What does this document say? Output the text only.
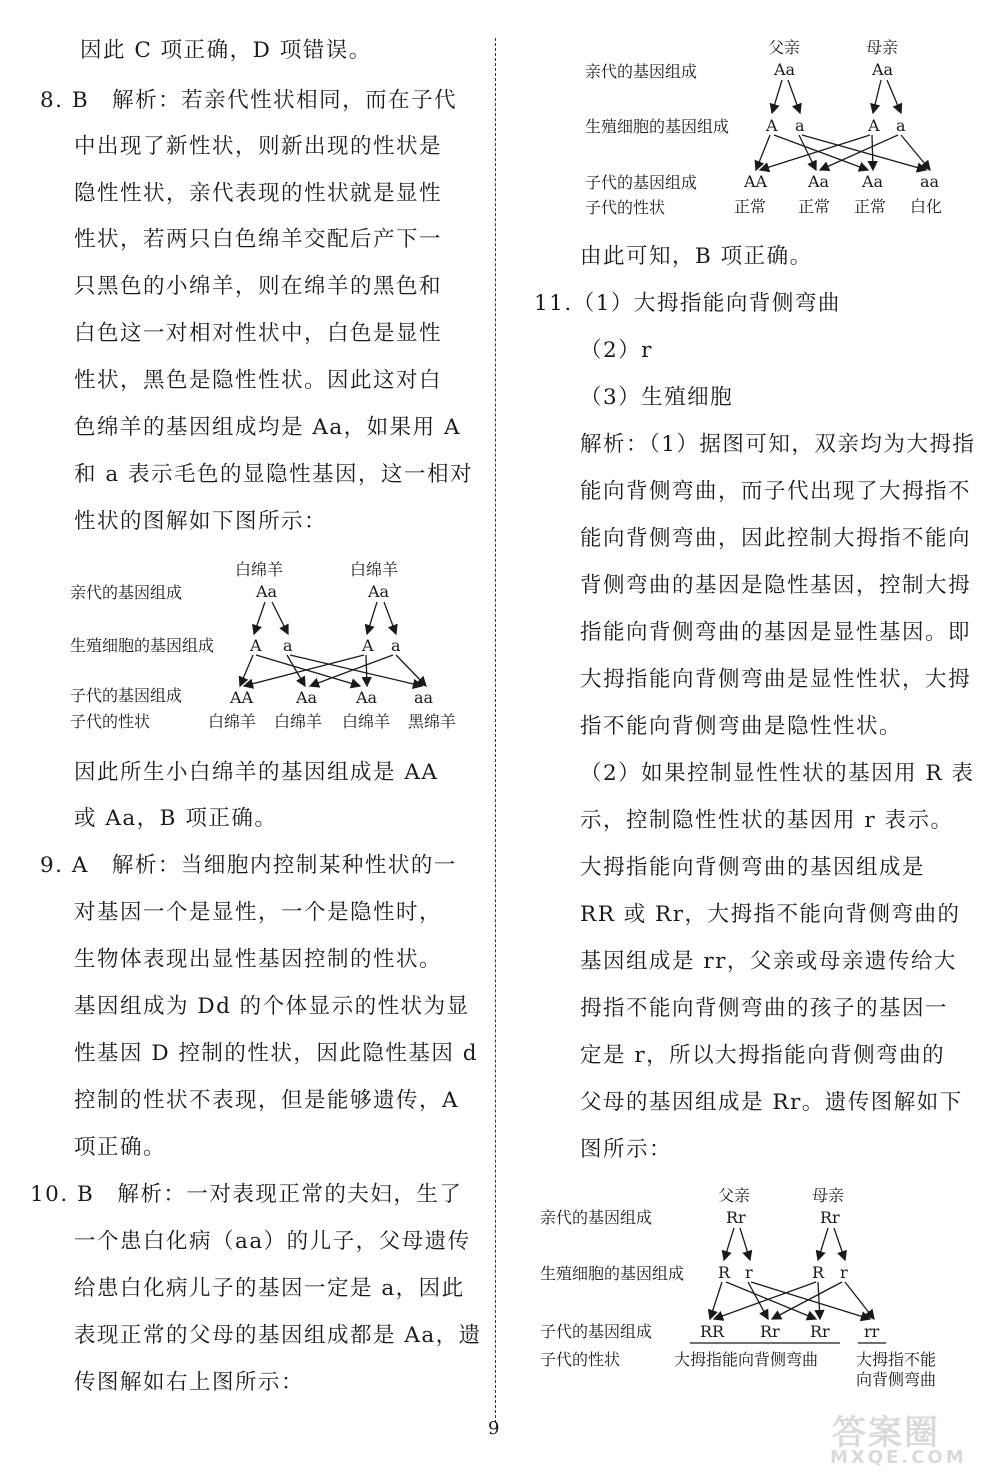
因此 C 项正确，D 项错误。
8. B　解析：若亲代性状相同，而在子代
中出现了新性状，则新出现的性状是
隐性性状，亲代表现的性状就是显性
性状，若两只白色绵羊交配后产下一
只黑色的小绵羊，则在绵羊的黑色和
白色这一对相对性状中，白色是显性
性状，黑色是隐性性状。因此这对白
色绵羊的基因组成均是 Aa，如果用 A
和 a 表示毛色的显隐性基因，这一相对
性状的图解如下图所示：
白绵羊	白绵羊
亲代的基因组成	Aa	Aa
生殖细胞的基因组成 A a	A a
子代的基因组成	AA	Aa Aa aa
子代的性状	白绵羊 白绵羊 白绵羊 黑绵羊
因此所生小白绵羊的基因组成是 AA
或 Aa，B 项正确。
9. A　解析：当细胞内控制某种性状的一
对基因一个是显性，一个是隐性时，
生物体表现出显性基因控制的性状。
基因组成为 Dd 的个体显示的性状为显
性基因 D 控制的性状，因此隐性基因 d
控制的性状不表现，但是能够遗传，A
项正确。
10. B　解析：一对表现正常的夫妇，生了
一个患白化病（aa）的儿子，父母遗传
给患白化病儿子的基因一定是 a，因此
表现正常的父母的基因组成都是 Aa，遗
传图解如右上图所示：
父亲	母亲
亲代的基因组成	Aa	Aa
生殖细胞的基因组成 A a	A a
子代的基因组成	AA	Aa Aa aa
子代的性状	正常 正常 正常 白化
由此可知，B 项正确。
11.（1）大拇指能向背侧弯曲
（2）r
（3）生殖细胞
解析：（1）据图可知，双亲均为大拇指
能向背侧弯曲，而子代出现了大拇指不
能向背侧弯曲，因此控制大拇指不能向
背侧弯曲的基因是隐性基因，控制大拇
指能向背侧弯曲的基因是显性基因。即
大拇指能向背侧弯曲是显性性状，大拇
指不能向背侧弯曲是隐性性状。
（2）如果控制显性性状的基因用 R 表
示，控制隐性性状的基因用 r 表示。
大拇指能向背侧弯曲的基因组成是
RR 或 Rr，大拇指不能向背侧弯曲的
基因组成是 rr，父亲或母亲遗传给大
拇指不能向背侧弯曲的孩子的基因一
定是 r，所以大拇指能向背侧弯曲的
父母的基因组成是 Rr。遗传图解如下
图所示：
父亲	母亲
亲代的基因组成	Rr	Rr
生殖细胞的基因组成 R r	R r
子代的基因组成	RR Rr Rr rr
子代的性状	大拇指能向背侧弯曲 大拇指不能
向背侧弯曲
9	答案圈
MXQE.COM
